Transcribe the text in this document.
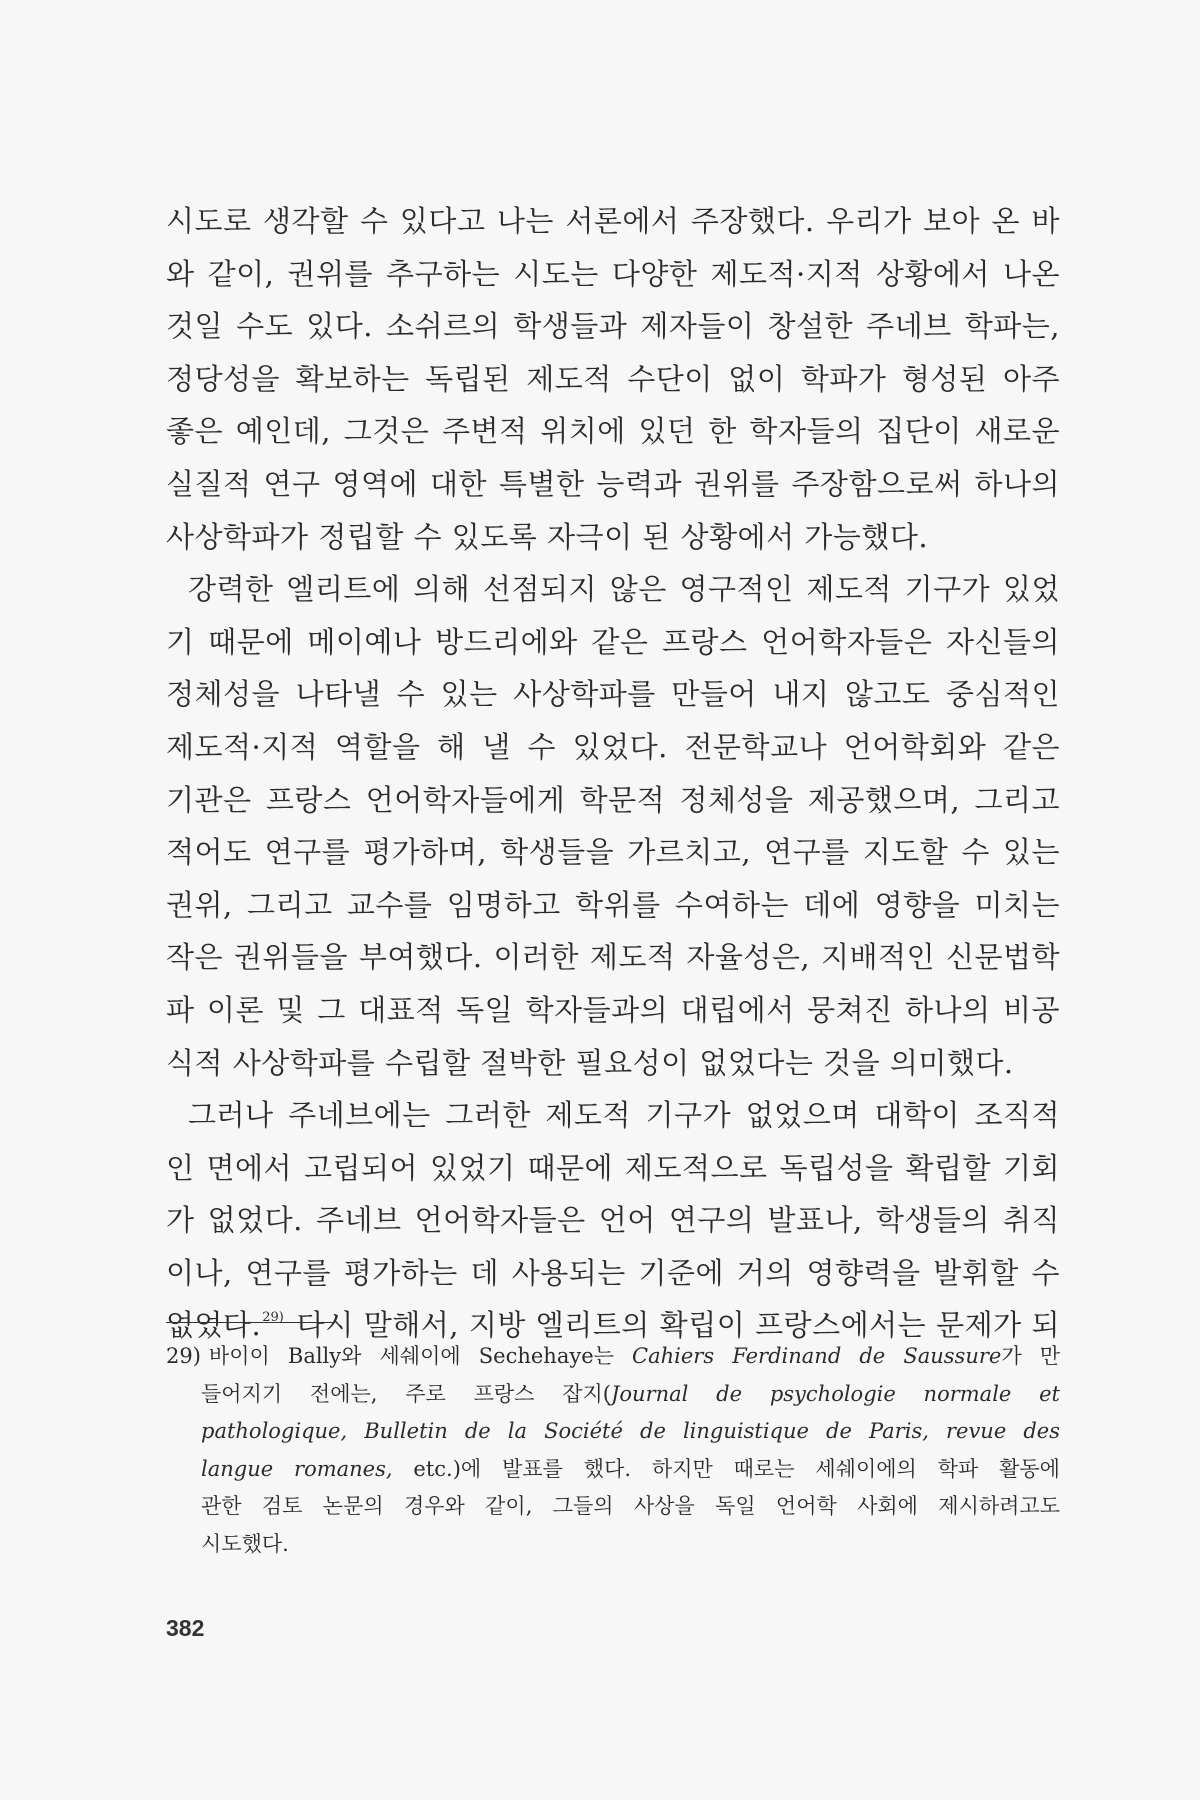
시도로 생각할 수 있다고 나는 서론에서 주장했다. 우리가 보아 온 바
와 같이, 권위를 추구하는 시도는 다양한 제도적·지적 상황에서 나온
것일 수도 있다. 소쉬르의 학생들과 제자들이 창설한 주네브 학파는,
정당성을 확보하는 독립된 제도적 수단이 없이 학파가 형성된 아주
좋은 예인데, 그것은 주변적 위치에 있던 한 학자들의 집단이 새로운
실질적 연구 영역에 대한 특별한 능력과 권위를 주장함으로써 하나의
사상학파가 정립할 수 있도록 자극이 된 상황에서 가능했다.
강력한 엘리트에 의해 선점되지 않은 영구적인 제도적 기구가 있었
기 때문에 메이예나 방드리에와 같은 프랑스 언어학자들은 자신들의
정체성을 나타낼 수 있는 사상학파를 만들어 내지 않고도 중심적인
제도적·지적 역할을 해 낼 수 있었다. 전문학교나 언어학회와 같은
기관은 프랑스 언어학자들에게 학문적 정체성을 제공했으며, 그리고
적어도 연구를 평가하며, 학생들을 가르치고, 연구를 지도할 수 있는
권위, 그리고 교수를 임명하고 학위를 수여하는 데에 영향을 미치는
작은 권위들을 부여했다. 이러한 제도적 자율성은, 지배적인 신문법학
파 이론 및 그 대표적 독일 학자들과의 대립에서 뭉쳐진 하나의 비공
식적 사상학파를 수립할 절박한 필요성이 없었다는 것을 의미했다.
그러나 주네브에는 그러한 제도적 기구가 없었으며 대학이 조직적
인 면에서 고립되어 있었기 때문에 제도적으로 독립성을 확립할 기회
가 없었다. 주네브 언어학자들은 언어 연구의 발표나, 학생들의 취직
이나, 연구를 평가하는 데 사용되는 기준에 거의 영향력을 발휘할 수
없었다.$^{29)}$ 다시 말해서, 지방 엘리트의 확립이 프랑스에서는 문제가 되
29) 바이이 Bally와 세쉐이에 Sechehaye는 Cahiers Ferdinand de Saussure가 만
들어지기 전에는, 주로 프랑스 잡지(Journal de psychologie normale et
pathologique, Bulletin de la Société de linguistique de Paris, revue des
langue romanes, etc.)에 발표를 했다. 하지만 때로는 세쉐이에의 학파 활동에
관한 검토 논문의 경우와 같이, 그들의 사상을 독일 언어학 사회에 제시하려고도
시도했다.
382
